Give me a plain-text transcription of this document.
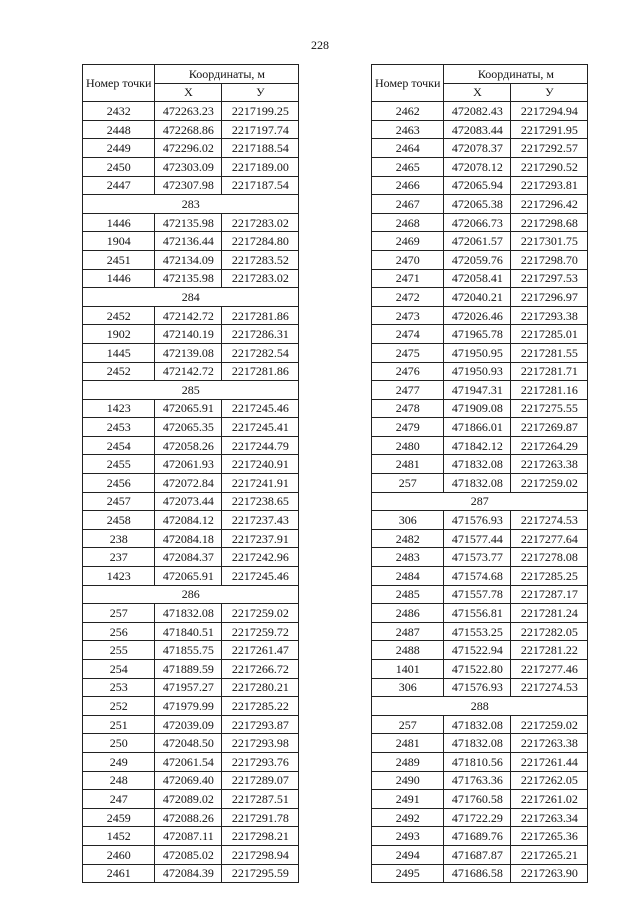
228
Номер точки	Координаты, м	
	Х	У
2432	472263.23	2217199.25
2448	472268.86	2217197.74
2449	472296.02	2217188.54
2450	472303.09	2217189.00
2447	472307.98	2217187.54
283		
1446	472135.98	2217283.02
1904	472136.44	2217284.80
2451	472134.09	2217283.52
1446	472135.98	2217283.02
284		
2452	472142.72	2217281.86
1902	472140.19	2217286.31
1445	472139.08	2217282.54
2452	472142.72	2217281.86
285		
1423	472065.91	2217245.46
2453	472065.35	2217245.41
2454	472058.26	2217244.79
2455	472061.93	2217240.91
2456	472072.84	2217241.91
2457	472073.44	2217238.65
2458	472084.12	2217237.43
238	472084.18	2217237.91
237	472084.37	2217242.96
1423	472065.91	2217245.46
286		
257	471832.08	2217259.02
256	471840.51	2217259.72
255	471855.75	2217261.47
254	471889.59	2217266.72
253	471957.27	2217280.21
252	471979.99	2217285.22
251	472039.09	2217293.87
250	472048.50	2217293.98
249	472061.54	2217293.76
248	472069.40	2217289.07
247	472089.02	2217287.51
2459	472088.26	2217291.78
1452	472087.11	2217298.21
2460	472085.02	2217298.94
2461	472084.39	2217295.59
Номер точки	Координаты, м	
	Х	У
2462	472082.43	2217294.94
2463	472083.44	2217291.95
2464	472078.37	2217292.57
2465	472078.12	2217290.52
2466	472065.94	2217293.81
2467	472065.38	2217296.42
2468	472066.73	2217298.68
2469	472061.57	2217301.75
2470	472059.76	2217298.70
2471	472058.41	2217297.53
2472	472040.21	2217296.97
2473	472026.46	2217293.38
2474	471965.78	2217285.01
2475	471950.95	2217281.55
2476	471950.93	2217281.71
2477	471947.31	2217281.16
2478	471909.08	2217275.55
2479	471866.01	2217269.87
2480	471842.12	2217264.29
2481	471832.08	2217263.38
257	471832.08	2217259.02
287		
306	471576.93	2217274.53
2482	471577.44	2217277.64
2483	471573.77	2217278.08
2484	471574.68	2217285.25
2485	471557.78	2217287.17
2486	471556.81	2217281.24
2487	471553.25	2217282.05
2488	471522.94	2217281.22
1401	471522.80	2217277.46
306	471576.93	2217274.53
288		
257	471832.08	2217259.02
2481	471832.08	2217263.38
2489	471810.56	2217261.44
2490	471763.36	2217262.05
2491	471760.58	2217261.02
2492	471722.29	2217263.34
2493	471689.76	2217265.36
2494	471687.87	2217265.21
2495	471686.58	2217263.90
